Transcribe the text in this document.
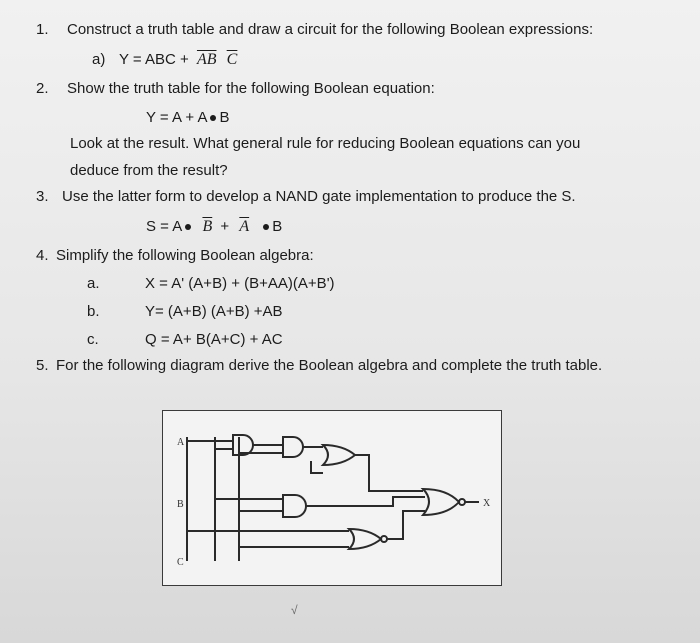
1. Construct a truth table and draw a circuit for the following Boolean expressions:
a) Y = ABC + $\overline{AB}$ $\overline{C}$
2. Show the truth table for the following Boolean equation:
Y = A + A B
Look at the result. What general rule for reducing Boolean equations can you
deduce from the result?
3. Use the latter form to develop a NAND gate implementation to produce the S.
S = A $\overline{B} + \overline{A}$ B
4. Simplify the following Boolean algebra:
a.	X = A' (A+B) + (B+AA)(A+B')
b.	Y= (A+B) (A+B) +AB
c.	Q = A+ B(A+C) + AC
5. For the following diagram derive the Boolean algebra and complete the truth table.
A
B
C
X
√
